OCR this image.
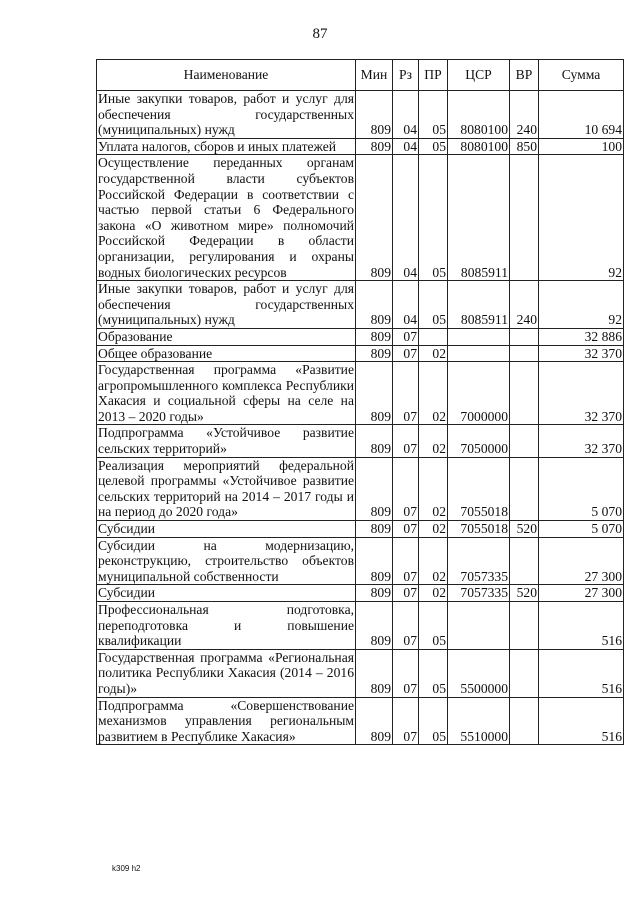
87
Наименование	Мин	Рз	ПР	ЦСР	ВР	Сумма
Иные закупки товаров, работ и услуг для обеспечения государственных (муниципальных) нужд	809	04	05	8080100	240	10 694
Уплата налогов, сборов и иных платежей	809	04	05	8080100	850	100
Осуществление переданных органам государственной власти субъектов Российской Федерации в соответствии с частью первой статьи 6 Федерального закона «О животном мире» полномочий Российской Федерации в области организации, регулирования и охраны водных биологических ресурсов	809	04	05	8085911		92
Иные закупки товаров, работ и услуг для обеспечения государственных (муниципальных) нужд	809	04	05	8085911	240	92
Образование	809	07				32 886
Общее образование	809	07	02			32 370
Государственная программа «Развитие агропромышленного комплекса Республики Хакасия и социальной сферы на селе на 2013 – 2020 годы»	809	07	02	7000000		32 370
Подпрограмма «Устойчивое развитие сельских территорий»	809	07	02	7050000		32 370
Реализация мероприятий федеральной целевой программы «Устойчивое развитие сельских территорий на 2014 – 2017 годы и на период до 2020 года»	809	07	02	7055018		5 070
Субсидии	809	07	02	7055018	520	5 070
Субсидии на модернизацию, реконструкцию, строительство объектов муниципальной собственности	809	07	02	7057335		27 300
Субсидии	809	07	02	7057335	520	27 300
Профессиональная подготовка, переподготовка и повышение квалификации	809	07	05			516
Государственная программа «Региональная политика Республики Хакасия (2014 – 2016 годы)»	809	07	05	5500000		516
Подпрограмма «Совершенствование механизмов управления региональным развитием в Республике Хакасия»	809	07	05	5510000		516
k309 h2
